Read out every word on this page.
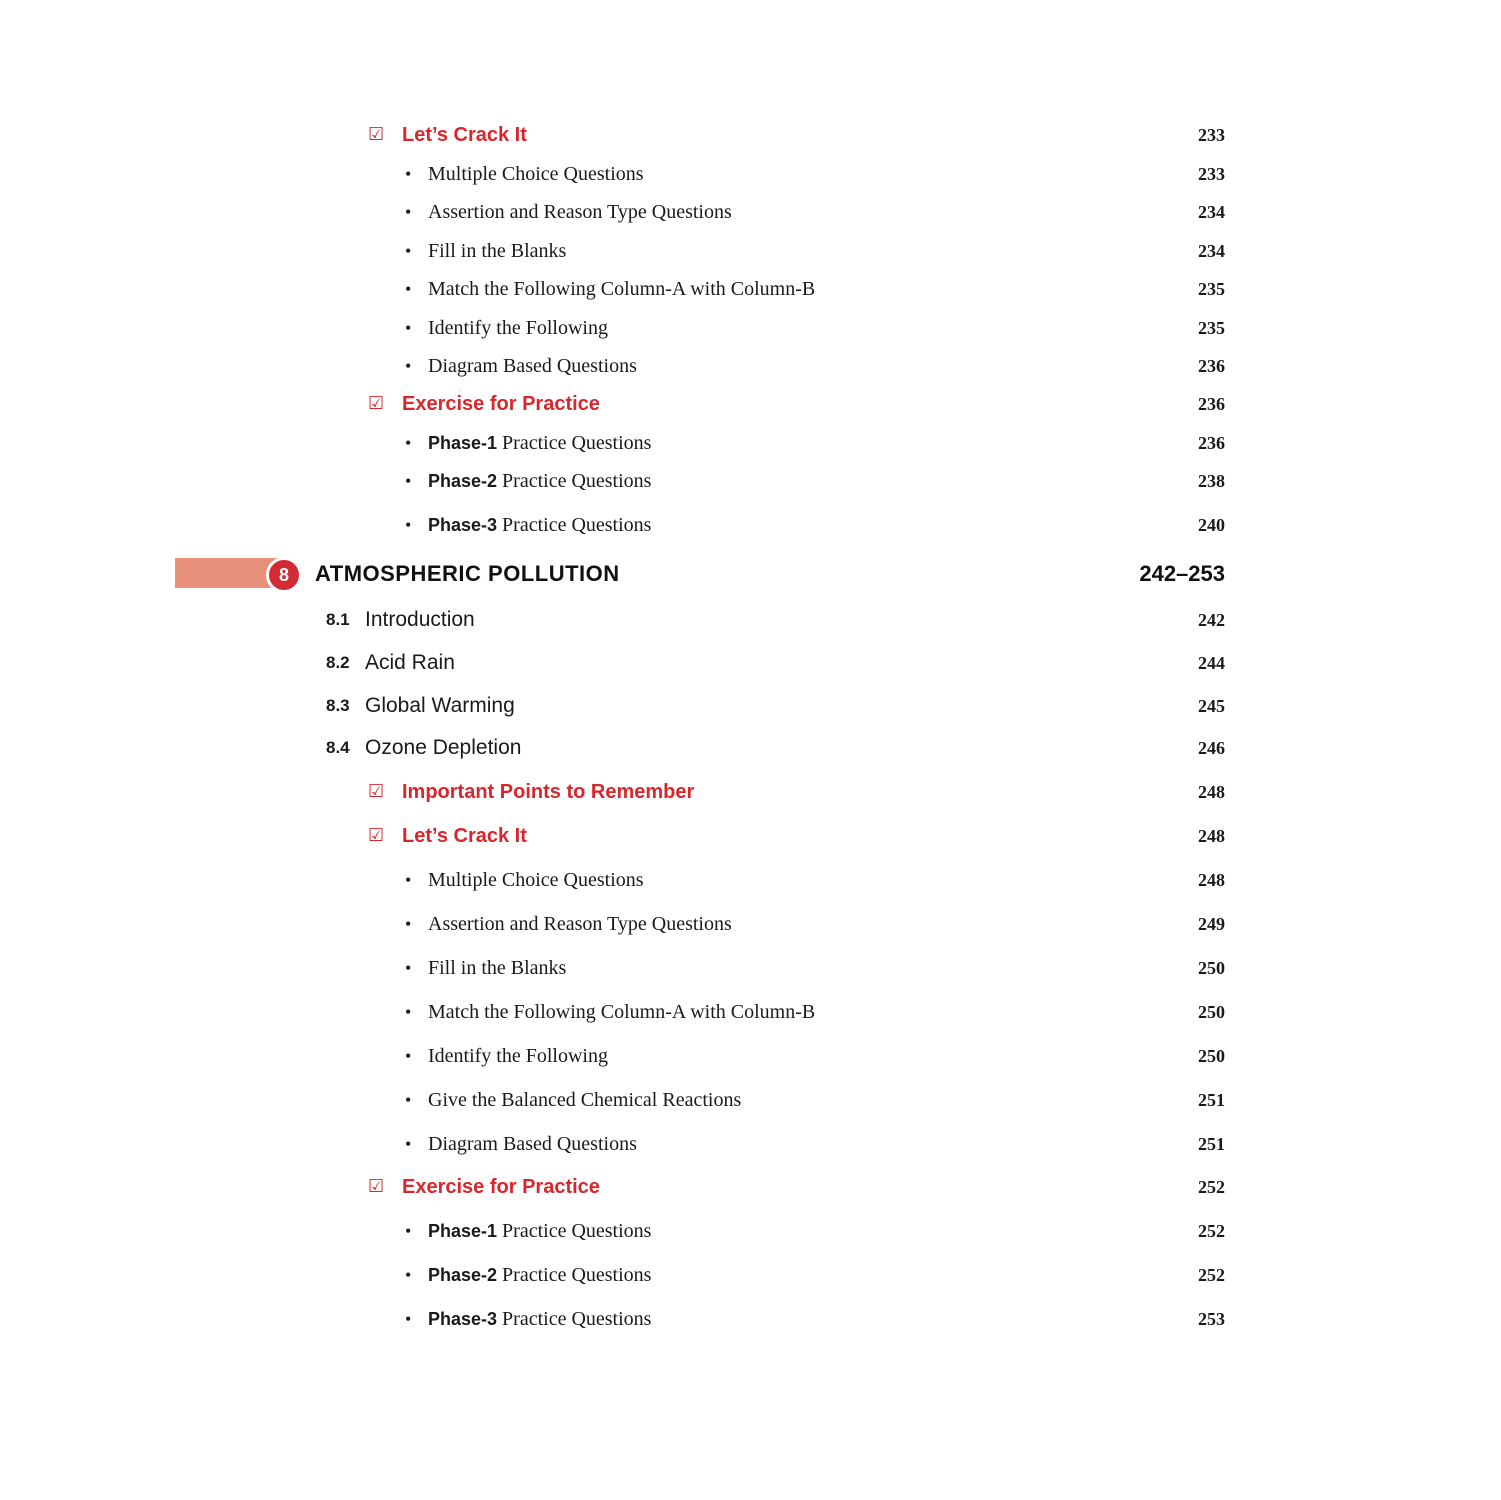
☑ Let’s Crack It	233
• Multiple Choice Questions	233
• Assertion and Reason Type Questions	234
• Fill in the Blanks	234
• Match the Following Column-A with Column-B	235
• Identify the Following	235
• Diagram Based Questions	236
☑ Exercise for Practice	236
• Phase-1 Practice Questions	236
• Phase-2 Practice Questions	238
• Phase-3 Practice Questions	240
8	ATMOSPHERIC POLLUTION	242–253
8.1 Introduction	242
8.2 Acid Rain	244
8.3 Global Warming	245
8.4 Ozone Depletion	246
☑ Important Points to Remember	248
☑ Let’s Crack It	248
• Multiple Choice Questions	248
• Assertion and Reason Type Questions	249
• Fill in the Blanks	250
• Match the Following Column-A with Column-B	250
• Identify the Following	250
• Give the Balanced Chemical Reactions	251
• Diagram Based Questions	251
☑ Exercise for Practice	252
• Phase-1 Practice Questions	252
• Phase-2 Practice Questions	252
• Phase-3 Practice Questions	253
